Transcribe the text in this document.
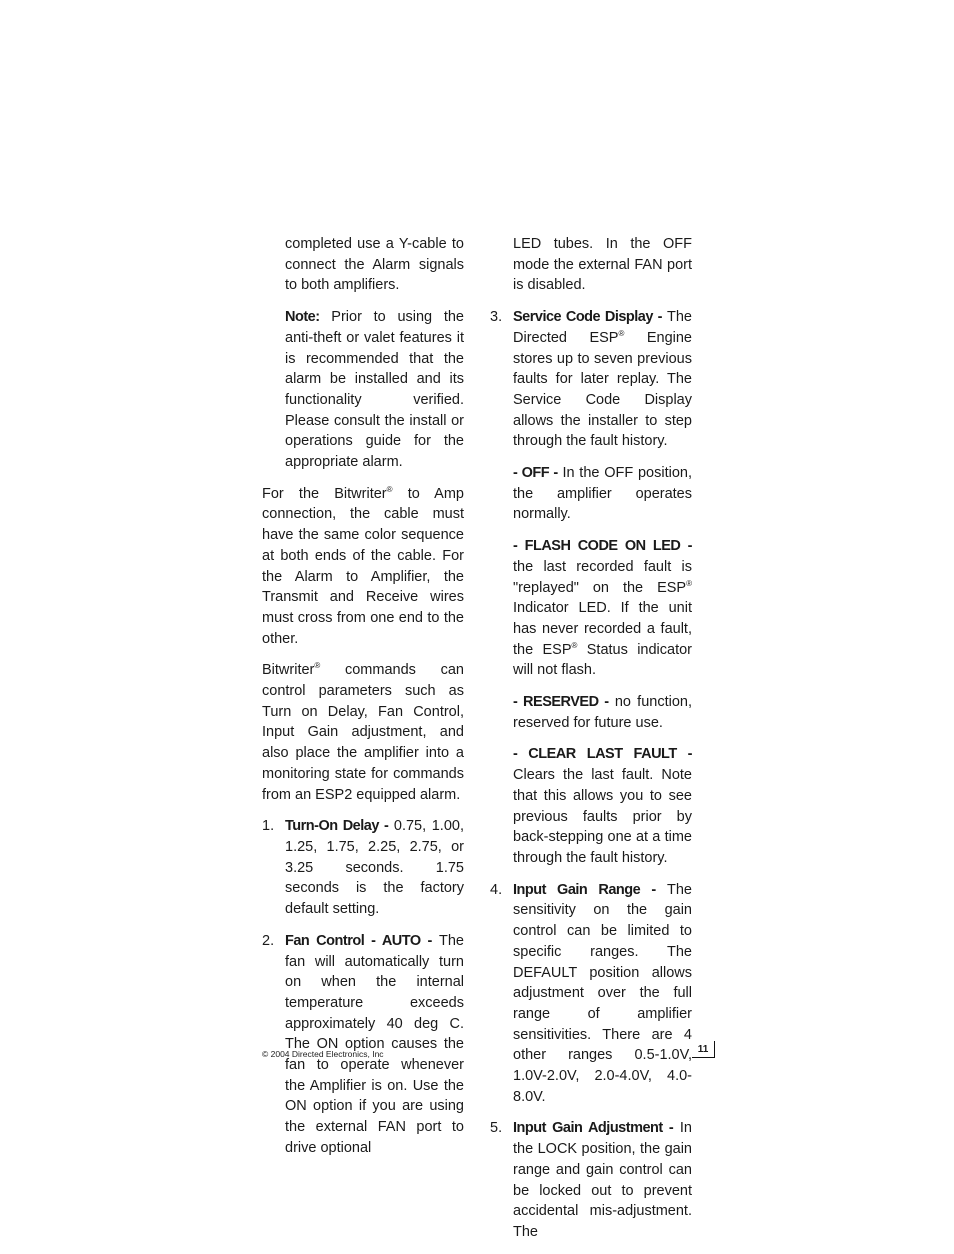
completed use a Y-cable to connect the Alarm signals to both amplifiers.

Note: Prior to using the anti-theft or valet features it is recommended that the alarm be installed and its functionality verified. Please consult the install or operations guide for the appropriate alarm.

For the Bitwriter® to Amp connection, the cable must have the same color sequence at both ends of the cable. For the Alarm to Amplifier, the Transmit and Receive wires must cross from one end to the other.

Bitwriter® commands can control parameters such as Turn on Delay, Fan Control, Input Gain adjustment, and also place the amplifier into a monitoring state for commands from an ESP2 equipped alarm.

1. Turn-On Delay - 0.75, 1.00, 1.25, 1.75, 2.25, 2.75, or 3.25 seconds. 1.75 seconds is the factory default setting.

2. Fan Control - AUTO - The fan will automatically turn on when the internal temperature exceeds approximately 40 deg C. The ON option causes the fan to operate whenever the Amplifier is on. Use the ON option if you are using the external FAN port to drive optional

LED tubes. In the OFF mode the external FAN port is disabled.

3. Service Code Display - The Directed ESP® Engine stores up to seven previous faults for later replay. The Service Code Display allows the installer to step through the fault history.

- OFF - In the OFF position, the amplifier operates normally.

- FLASH CODE ON LED - the last recorded fault is "replayed" on the ESP® Indicator LED. If the unit has never recorded a fault, the ESP® Status indicator will not flash.

- RESERVED - no function, reserved for future use.

- CLEAR LAST FAULT - Clears the last fault. Note that this allows you to see previous faults prior by back-stepping one at a time through the fault history.

4. Input Gain Range - The sensitivity on the gain control can be limited to specific ranges. The DEFAULT position allows adjustment over the full range of amplifier sensitivities. There are 4 other ranges 0.5-1.0V, 1.0V-2.0V, 2.0-4.0V, 4.0-8.0V.

5. Input Gain Adjustment - In the LOCK position, the gain range and gain control can be locked out to prevent accidental mis-adjustment. The

© 2004 Directed Electronics, Inc	11
